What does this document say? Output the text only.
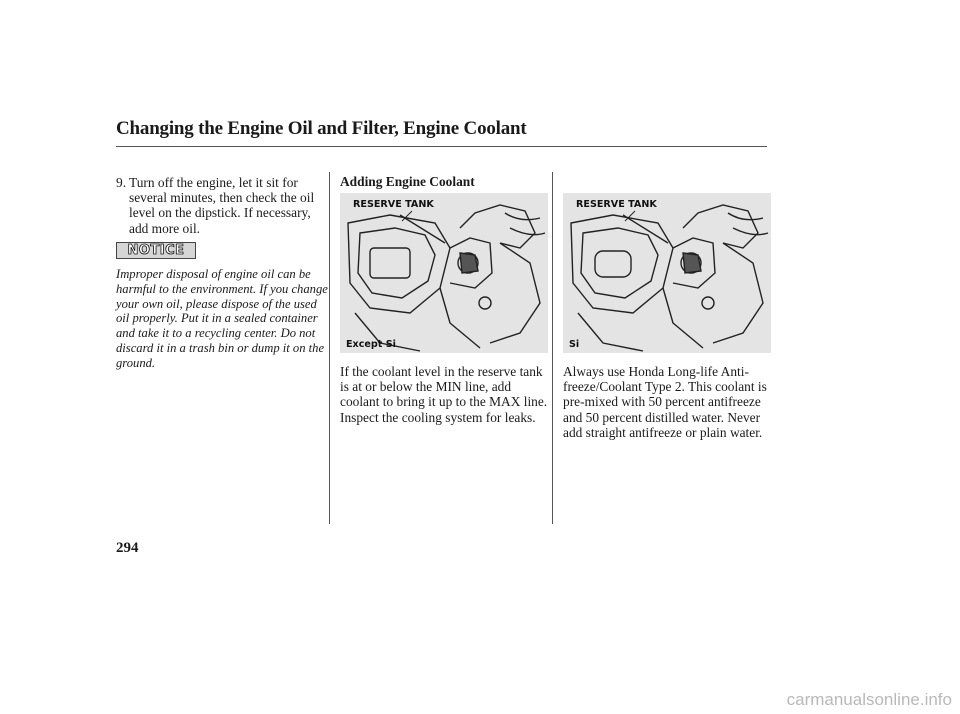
Changing the Engine Oil and Filter, Engine Coolant
9. Turn off the engine, let it sit for several minutes, then check the oil level on the dipstick. If necessary, add more oil.
NOTICE
Improper disposal of engine oil can be harmful to the environment. If you change your own oil, please dispose of the used oil properly. Put it in a sealed container and take it to a recycling center. Do not discard it in a trash bin or dump it on the ground.
Adding Engine Coolant
RESERVE TANK
Except Si
If the coolant level in the reserve tank is at or below the MIN line, add coolant to bring it up to the MAX line. Inspect the cooling system for leaks.
RESERVE TANK
Si
Always use Honda Long-life Anti-freeze/Coolant Type 2. This coolant is pre-mixed with 50 percent antifreeze and 50 percent distilled water. Never add straight antifreeze or plain water.
294
carmanualsonline.info
